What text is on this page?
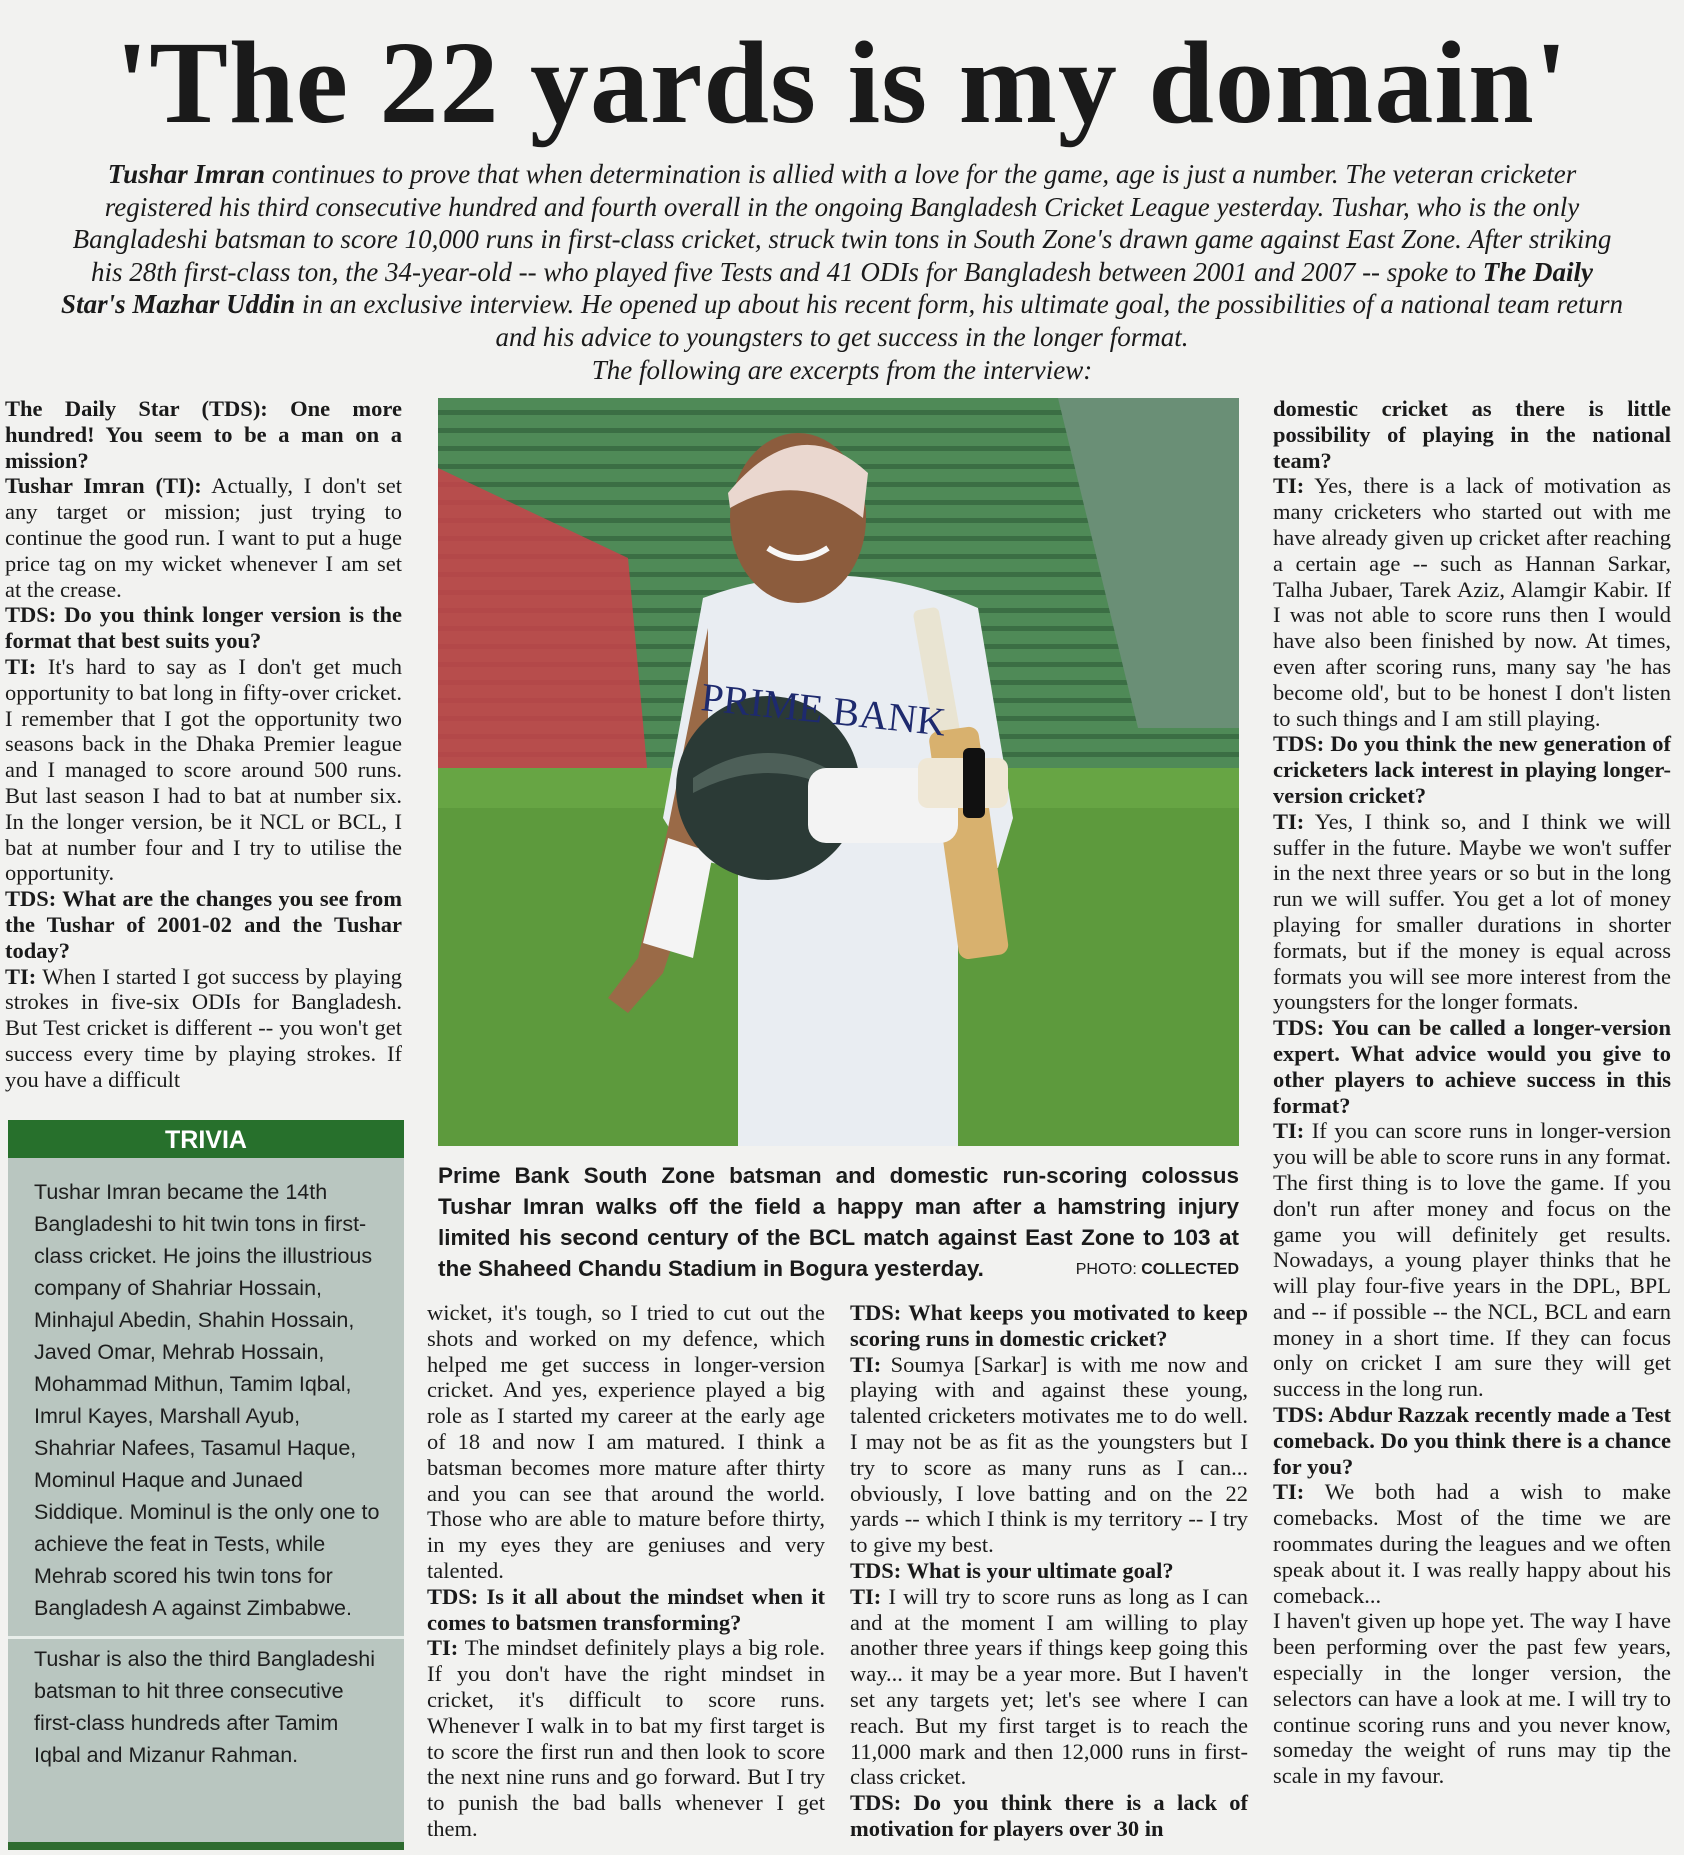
'The 22 yards is my domain'
Tushar Imran continues to prove that when determination is allied with a love for the game, age is just a number. The veteran cricketer registered his third consecutive hundred and fourth overall in the ongoing Bangladesh Cricket League yesterday. Tushar, who is the only Bangladeshi batsman to score 10,000 runs in first-class cricket, struck twin tons in South Zone's drawn game against East Zone. After striking his 28th first-class ton, the 34-year-old -- who played five Tests and 41 ODIs for Bangladesh between 2001 and 2007 -- spoke to The Daily Star's Mazhar Uddin in an exclusive interview. He opened up about his recent form, his ultimate goal, the possibilities of a national team return and his advice to youngsters to get success in the longer format.
The following are excerpts from the interview:

The Daily Star (TDS): One more hundred! You seem to be a man on a mission?

Tushar Imran (TI): Actually, I don't set any target or mission; just trying to continue the good run. I want to put a huge price tag on my wicket whenever I am set at the crease.

TDS: Do you think longer version is the format that best suits you?

TI: It's hard to say as I don't get much opportunity to bat long in fifty-over cricket. I remember that I got the opportunity two seasons back in the Dhaka Premier league and I managed to score around 500 runs. But last season I had to bat at number six. In the longer version, be it NCL or BCL, I bat at number four and I try to utilise the opportunity.

TDS: What are the changes you see from the Tushar of 2001-02 and the Tushar today?

TI: When I started I got success by playing strokes in five-six ODIs for Bangladesh. But Test cricket is different -- you won't get success every time by playing strokes. If you have a difficult

wicket, it's tough, so I tried to cut out the shots and worked on my defence, which helped me get success in longer-version cricket. And yes, experience played a big role as I started my career at the early age of 18 and now I am matured. I think a batsman becomes more mature after thirty and you can see that around the world. Those who are able to mature before thirty, in my eyes they are geniuses and very talented.

TDS: Is it all about the mindset when it comes to batsmen transforming?

TI: The mindset definitely plays a big role. If you don't have the right mindset in cricket, it's difficult to score runs. Whenever I walk in to bat my first target is to score the first run and then look to score the next nine runs and go forward. But I try to punish the bad balls whenever I get them.

TDS: What keeps you motivated to keep scoring runs in domestic cricket?

TI: Soumya [Sarkar] is with me now and playing with and against these young, talented cricketers motivates me to do well. I may not be as fit as the youngsters but I try to score as many runs as I can... obviously, I love batting and on the 22 yards -- which I think is my territory -- I try to give my best.

TDS: What is your ultimate goal?

TI: I will try to score runs as long as I can and at the moment I am willing to play another three years if things keep going this way... it may be a year more. But I haven't set any targets yet; let's see where I can reach. But my first target is to reach the 11,000 mark and then 12,000 runs in first-class cricket.

TDS: Do you think there is a lack of motivation for players over 30 in

domestic cricket as there is little possibility of playing in the national team?

TI: Yes, there is a lack of motivation as many cricketers who started out with me have already given up cricket after reaching a certain age -- such as Hannan Sarkar, Talha Jubaer, Tarek Aziz, Alamgir Kabir. If I was not able to score runs then I would have also been finished by now. At times, even after scoring runs, many say 'he has become old', but to be honest I don't listen to such things and I am still playing.

TDS: Do you think the new generation of cricketers lack interest in playing longer-version cricket?

TI: Yes, I think so, and I think we will suffer in the future. Maybe we won't suffer in the next three years or so but in the long run we will suffer. You get a lot of money playing for smaller durations in shorter formats, but if the money is equal across formats you will see more interest from the youngsters for the longer formats.

TDS: You can be called a longer-version expert. What advice would you give to other players to achieve success in this format?

TI: If you can score runs in longer-version you will be able to score runs in any format. The first thing is to love the game. If you don't run after money and focus on the game you will definitely get results. Nowadays, a young player thinks that he will play four-five years in the DPL, BPL and -- if possible -- the NCL, BCL and earn money in a short time. If they can focus only on cricket I am sure they will get success in the long run.

TDS: Abdur Razzak recently made a Test comeback. Do you think there is a chance for you?

TI: We both had a wish to make comebacks. Most of the time we are roommates during the leagues and we often speak about it. I was really happy about his comeback...

I haven't given up hope yet. The way I have been performing over the past few years, especially in the longer version, the selectors can have a look at me. I will try to continue scoring runs and you never know, someday the weight of runs may tip the scale in my favour.

PRIME BANK
Prime Bank South Zone batsman and domestic run-scoring colossus Tushar Imran walks off the field a happy man after a hamstring injury limited his second century of the BCL match against East Zone to 103 at the Shaheed Chandu Stadium in Bogura yesterday.	PHOTO: COLLECTED
TRIVIA

Tushar Imran became the 14th Bangladeshi to hit twin tons in first-class cricket. He joins the illustrious company of Shahriar Hossain, Minhajul Abedin, Shahin Hossain, Javed Omar, Mehrab Hossain, Mohammad Mithun, Tamim Iqbal, Imrul Kayes, Marshall Ayub, Shahriar Nafees, Tasamul Haque, Mominul Haque and Junaed Siddique. Mominul is the only one to achieve the feat in Tests, while Mehrab scored his twin tons for Bangladesh A against Zimbabwe.

Tushar is also the third Bangladeshi batsman to hit three consecutive first-class hundreds after Tamim Iqbal and Mizanur Rahman.
